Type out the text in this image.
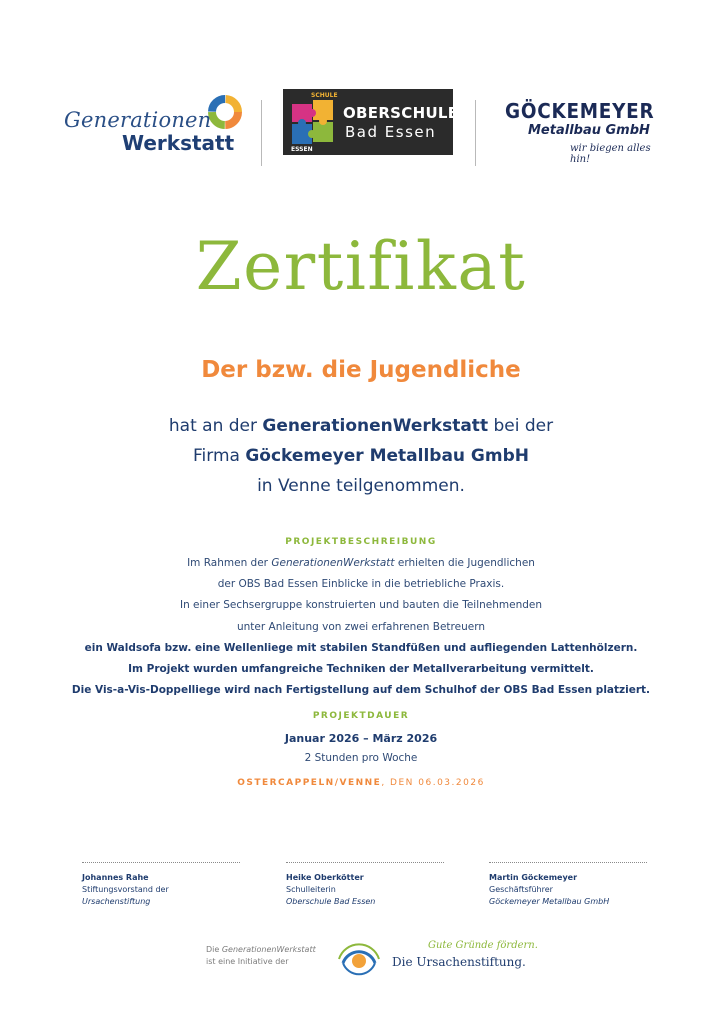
Generationen
Werkstatt
SCHULE
ESSEN
OBERSCHULE
Bad Essen
GÖCKEMEYER
Metallbau GmbH
wir biegen alles hin!
Zertifikat
Der bzw. die Jugendliche
hat an der GenerationenWerkstatt bei der
Firma Göckemeyer Metallbau GmbH
in Venne teilgenommen.
PROJEKTBESCHREIBUNG
Im Rahmen der GenerationenWerkstatt erhielten die Jugendlichen
der OBS Bad Essen Einblicke in die betriebliche Praxis.
In einer Sechsergruppe konstruierten und bauten die Teilnehmenden
unter Anleitung von zwei erfahrenen Betreuern
ein Waldsofa bzw. eine Wellenliege mit stabilen Standfüßen und aufliegenden Lattenhölzern.
Im Projekt wurden umfangreiche Techniken der Metallverarbeitung vermittelt.
Die Vis-a-Vis-Doppelliege wird nach Fertigstellung auf dem Schulhof der OBS Bad Essen platziert.
PROJEKTDAUER
Januar 2026 – März 2026
2 Stunden pro Woche
OSTERCAPPELN/VENNE, DEN 06.03.2026
Johannes Rahe
Stiftungsvorstand der
Ursachenstiftung
Heike Oberkötter
Schulleiterin
Oberschule Bad Essen
Martin Göckemeyer
Geschäftsführer
Göckemeyer Metallbau GmbH
Die GenerationenWerkstatt
ist eine Initiative der
Gute Gründe fördern.
Die Ursachenstiftung.
